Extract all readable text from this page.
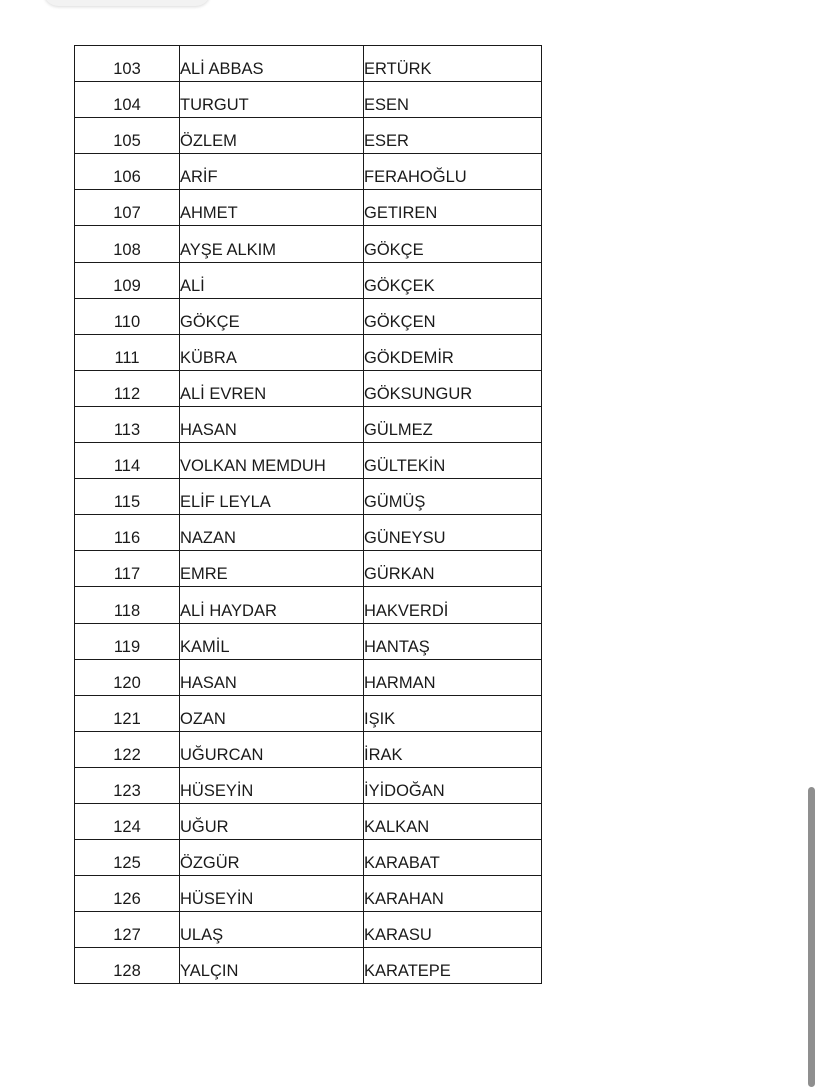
103	ALİ ABBAS	ERTÜRK
104	TURGUT	ESEN
105	ÖZLEM	ESER
106	ARİF	FERAHOĞLU
107	AHMET	GETIREN
108	AYŞE ALKIM	GÖKÇE
109	ALİ	GÖKÇEK
110	GÖKÇE	GÖKÇEN
111	KÜBRA	GÖKDEMİR
112	ALİ EVREN	GÖKSUNGUR
113	HASAN	GÜLMEZ
114	VOLKAN MEMDUH	GÜLTEKİN
115	ELİF LEYLA	GÜMÜŞ
116	NAZAN	GÜNEYSU
117	EMRE	GÜRKAN
118	ALİ HAYDAR	HAKVERDİ
119	KAMİL	HANTAŞ
120	HASAN	HARMAN
121	OZAN	IŞIK
122	UĞURCAN	İRAK
123	HÜSEYİN	İYİDOĞAN
124	UĞUR	KALKAN
125	ÖZGÜR	KARABAT
126	HÜSEYİN	KARAHAN
127	ULAŞ	KARASU
128	YALÇIN	KARATEPE
